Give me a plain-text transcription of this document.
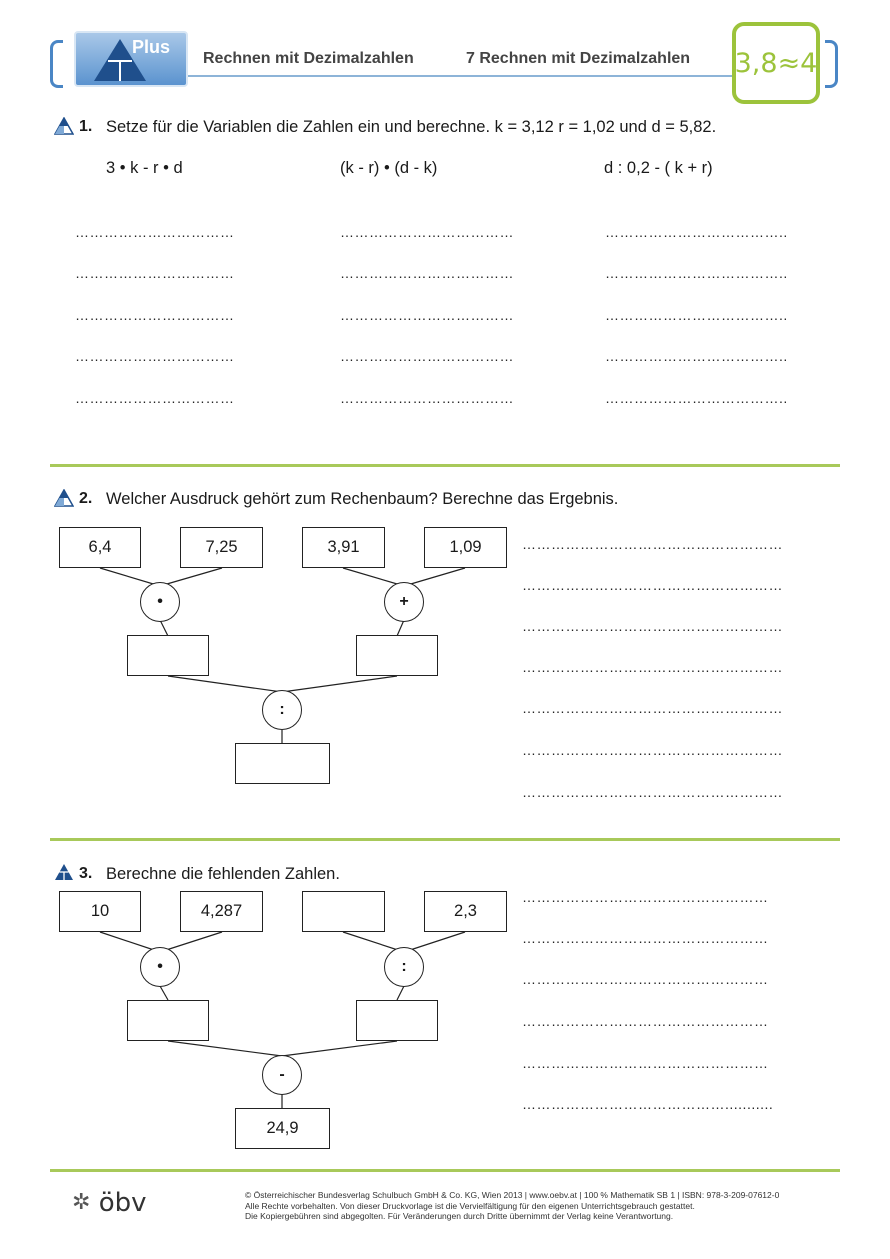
Plus
Rechnen mit Dezimalzahlen	7 Rechnen mit Dezimalzahlen 3,8≈4
1. Setze für die Variablen die Zahlen ein und berechne. k = 3,12 r = 1,02 und d = 5,82.
3 • k - r • d	(k - r) • (d - k)	d : 0,2 - ( k + r)
……………………………
……………………………
……………………………
……………………………
……………………………
………………………………
………………………………
………………………………
………………………………
………………………………
………………………………..
………………………………..
………………………………..
………………………………..
………………………………..
2. Welcher Ausdruck gehört zum Rechenbaum? Berechne das Ergebnis.
6,4	7,25	3,91	1,09
•	+
:
………………………………………………
………………………………………………
………………………………………………
………………………………………………
………………………………………………
………………………………………………
………………………………………………
3. Berechne die fehlenden Zahlen.
10	4,287	2,3
•	:
-
24,9
……………………………………………
……………………………………………
……………………………………………
……………………………………………
……………………………………………
……………………………………...........
✲ öbv	© Österreichischer Bundesverlag Schulbuch GmbH & Co. KG, Wien 2013 | www.oebv.at | 100 % Mathematik SB 1 | ISBN: 978-3-209-07612-0
Alle Rechte vorbehalten. Von dieser Druckvorlage ist die Vervielfältigung für den eigenen Unterrichtsgebrauch gestattet.
Die Kopiergebühren sind abgegolten. Für Veränderungen durch Dritte übernimmt der Verlag keine Verantwortung.
